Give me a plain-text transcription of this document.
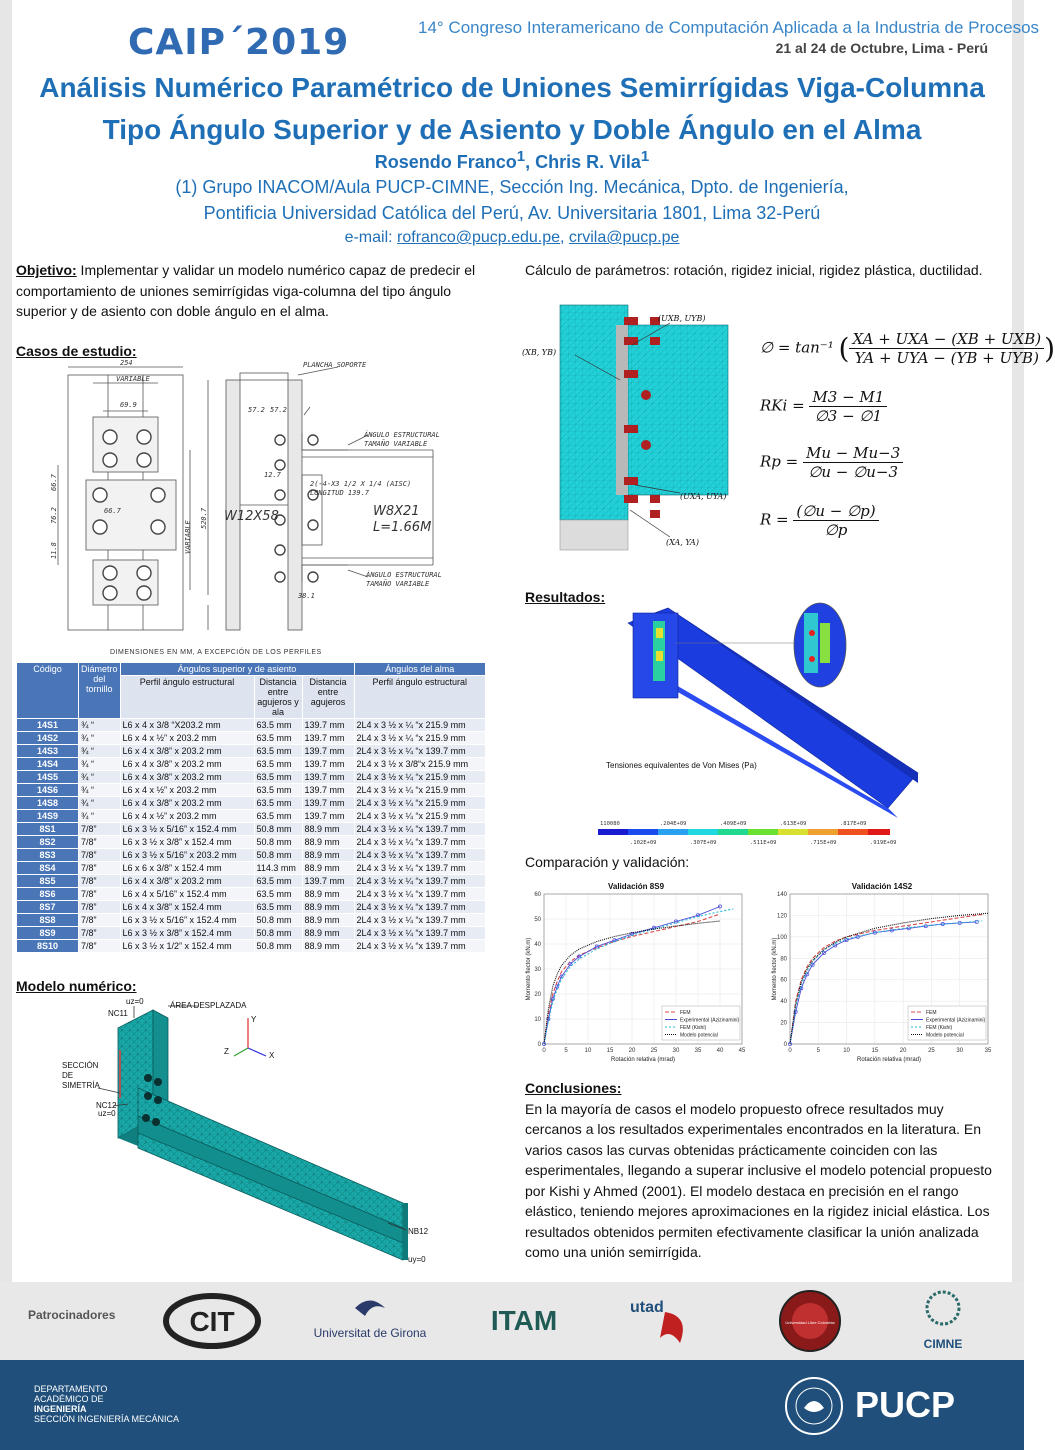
CAIP´2019	14° Congreso Interamericano de Computación Aplicada a la Industria de Procesos
21 al 24 de Octubre, Lima - Perú
Análisis Numérico Paramétrico de Uniones Semirrígidas Viga-Columna
Tipo Ángulo Superior y de Asiento y Doble Ángulo en el Alma
Rosendo Franco$^1$, Chris R. Vila$^1$
(1) Grupo INACOM/Aula PUCP-CIMNE, Sección Ing. Mecánica, Dpto. de Ingeniería,
Pontificia Universidad Católica del Perú, Av. Universitaria 1801, Lima 32-Perú
e-mail: rofranco@pucp.edu.pe, crvila@pucp.pe
Objetivo: Implementar y validar un modelo numérico capaz de predecir el comportamiento de uniones semirrígidas viga-columna del tipo ángulo superior y de asiento con doble ángulo en el alma.
Casos de estudio:
254
VARIABLE
69.9
57.2 57.2
66.7
66.7
76.2
11.8
12.7
520.7
38.1
VARIABLE
PLANCHA SOPORTE
ÁNGULO ESTRUCTURAL
TAMAÑO VARIABLE
2(-4-X3 1/2 X 1/4 (AISC)
LONGITUD 139.7
ÁNGULO ESTRUCTURAL
TAMAÑO VARIABLE
W12X58	W8X21
L=1.66M
DIMENSIONES EN MM, A EXCEPCIÓN DE LOS PERFILES
Código	Diámetro del tornillo	Ángulos superior y de asiento			Ángulos del alma
		Perfil ángulo estructural	Distancia entre agujeros y ala	Distancia entre agujeros	Perfil ángulo estructural
14S1	¾ “	L6 x 4 x 3/8 “X203.2 mm	63.5 mm	139.7 mm	2L4 x 3 ½ x ¼ “x 215.9 mm
14S2	¾ “	L6 x 4 x ½” x 203.2 mm	63.5 mm	139.7 mm	2L4 x 3 ½ x ¼ “x 215.9 mm
14S3	¾ “	L6 x 4 x 3/8” x 203.2 mm	63.5 mm	139.7 mm	2L4 x 3 ½ x ¼ “x 139.7 mm
14S4	¾ “	L6 x 4 x 3/8” x 203.2 mm	63.5 mm	139.7 mm	2L4 x 3 ½ x 3/8“x 215.9 mm
14S5	¾ “	L6 x 4 x 3/8” x 203.2 mm	63.5 mm	139.7 mm	2L4 x 3 ½ x ¼ “x 215.9 mm
14S6	¾ “	L6 x 4 x ½” x 203.2 mm	63.5 mm	139.7 mm	2L4 x 3 ½ x ¼ “x 215.9 mm
14S8	¾ “	L6 x 4 x 3/8” x 203.2 mm	63.5 mm	139.7 mm	2L4 x 3 ½ x ¼ “x 215.9 mm
14S9	¾ “	L6 x 4 x ½” x 203.2 mm	63.5 mm	139.7 mm	2L4 x 3 ½ x ¼ “x 215.9 mm
8S1	7/8”	L6 x 3 ½ x 5/16” x 152.4 mm	50.8 mm	88.9 mm	2L4 x 3 ½ x ¼ “x 139.7 mm
8S2	7/8”	L6 x 3 ½ x 3/8” x 152.4 mm	50.8 mm	88.9 mm	2L4 x 3 ½ x ¼ “x 139.7 mm
8S3	7/8”	L6 x 3 ½ x 5/16” x 203.2 mm	50.8 mm	88.9 mm	2L4 x 3 ½ x ¼ “x 139.7 mm
8S4	7/8”	L6 x 6 x 3/8” x 152.4 mm	114.3 mm	88.9 mm	2L4 x 3 ½ x ¼ “x 139.7 mm
8S5	7/8”	L6 x 4 x 3/8” x 203.2 mm	63.5 mm	139.7 mm	2L4 x 3 ½ x ¼ “x 139.7 mm
8S6	7/8”	L6 x 4 x 5/16” x 152.4 mm	63.5 mm	88.9 mm	2L4 x 3 ½ x ¼ “x 139.7 mm
8S7	7/8”	L6 x 4 x 3/8” x 152.4 mm	63.5 mm	88.9 mm	2L4 x 3 ½ x ¼ “x 139.7 mm
8S8	7/8”	L6 x 3 ½ x 5/16” x 152.4 mm	50.8 mm	88.9 mm	2L4 x 3 ½ x ¼ “x 139.7 mm
8S9	7/8”	L6 x 3 ½ x 3/8” x 152.4 mm	50.8 mm	88.9 mm	2L4 x 3 ½ x ¼ “x 139.7 mm
8S10	7/8”	L6 x 3 ½ x 1/2” x 152.4 mm	50.8 mm	88.9 mm	2L4 x 3 ½ x ¼ “x 139.7 mm
Modelo numérico:
uz=0
NC11
ÁREA DESPLAZADA
SECCIÓN
DE
SIMETRÍA
NC12
uz=0
NB12
uy=0
Y
Z	X
Cálculo de parámetros: rotación, rigidez inicial, rigidez plástica, ductilidad.
(UXB, UYB)
(XB, YB)
(UXA, UYA)
(XA, YA)
∅ = tan⁻¹ ( $\frac{\text{XA + UXA − (XB + UXB)}}{\text{YA + UYA − (YB + UYB)}}$ )
RKi = $\frac{M3 - M1}{\emptyset 3 - \emptyset 1}$
$Rp = \frac{Mu - Mu-3}{\emptyset u - \emptyset u-3}$
$R = \frac{(\emptyset u - \emptyset p)}{\emptyset p}$
Resultados:
Tensiones equivalentes de Von Mises (Pa)
110080
.102E+09
.204E+09
.307E+09
.409E+09
.511E+09
.613E+09
.715E+09
.817E+09
.919E+09
Comparación y validación:
Validación 8S9
0	5	10	15	20	25	30	35	40	45
0
10
20
30
40
50
60
Rotación relativa (mrad)
Momento flector (kN.m)
FEM
Experimental (Azizinamini)
FEM (Kishi)
Modelo potencial
Validación 14S2
0	5	10	15	20	25	30	35
0
20
40
60
80
100
120
140
Rotación relativa (mrad)
Momento flector (kN.m)
FEM
Experimental (Azizinamini)
FEM (Kishi)
Modelo potencial
Conclusiones:
En la mayoría de casos el modelo propuesto ofrece resultados muy cercanos a los resultados experimentales encontrados en la literatura. En varios casos las curvas obtenidas prácticamente coinciden con las esperimentales, llegando a superar inclusive el modelo potencial propuesto por Kishi y Ahmed (2001). El modelo destaca en precisión en el rango elástico, teniendo mejores aproximaciones en la rigidez inicial elástica. Los resultados obtenidos permiten efectivamente clasificar la unión analizada como una unión semirrígida.
Patrocinadores	CIT	Universitat de Girona ITAM	utad
Universidad Libre Colombia
CIMNE
DEPARTAMENTO
ACADÉMICO DE
INGENIERÍA
SECCIÓN INGENIERÍA MECÁNICA	PUCP
